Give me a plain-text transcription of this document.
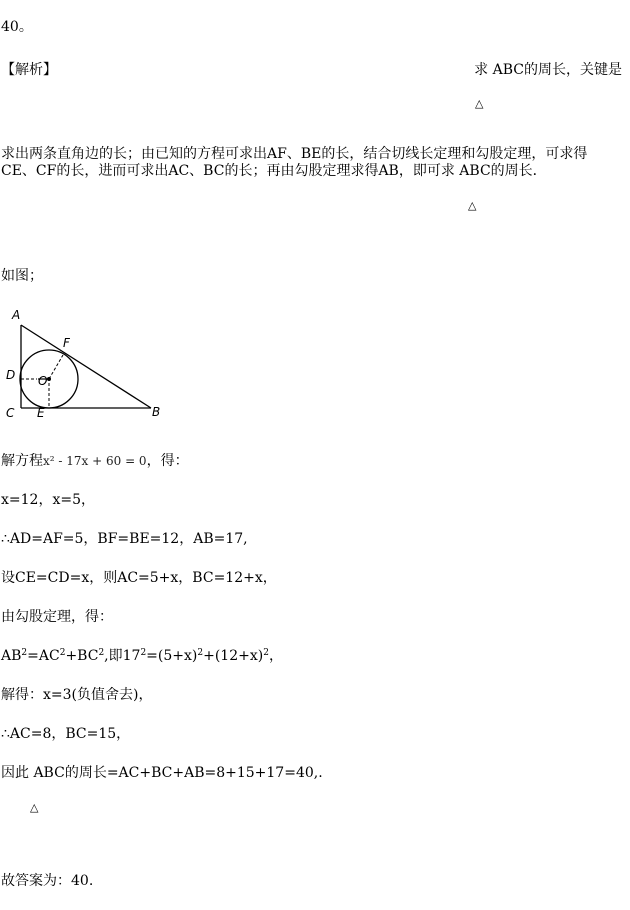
40。
【解析】	求 ABC的周长，关键是
△
求出两条直角边的长；由已知的方程可求出AF、BE的长，结合切线长定理和勾股定理，可求得
CE、CF的长，进而可求出AC、BC的长；再由勾股定理求得AB，即可求 ABC的周长．
△
如图；
A
B
C
D
E
F
O
解方程x² - 17x + 60 = 0，得：
x=12，x=5，
∴AD=AF=5，BF=BE=12，AB=17,
设CE=CD=x，则AC=5+x，BC=12+x，
由勾股定理，得：
$AB^2=AC^2+BC^2$,即$17^2=(5+x)^2+(12+x)^2$，
解得：x=3(负值舍去)，
∴AC=8，BC=15，
因此 ABC的周长=AC+BC+AB=8+15+17=40,.
△
故答案为：40.
